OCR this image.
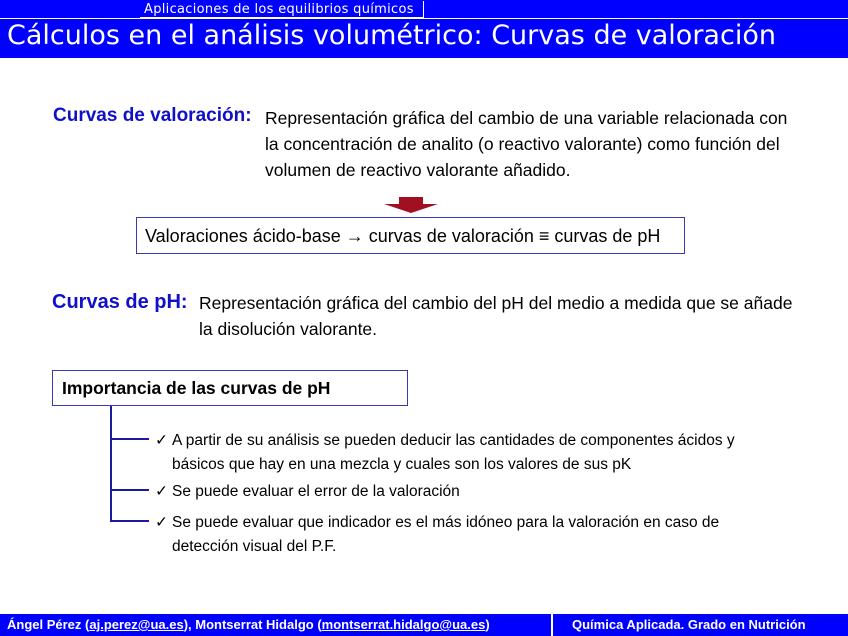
Aplicaciones de los equilibrios químicos
Cálculos en el análisis volumétrico: Curvas de valoración
Curvas de valoración: Representación gráfica del cambio de una variable relacionada con
la concentración de analito (o reactivo valorante) como función del
volumen de reactivo valorante añadido.
Valoraciones ácido-base → curvas de valoración ≡ curvas de pH
Curvas de pH: Representación gráfica del cambio del pH del medio a medida que se añade
la disolución valorante.
Importancia de las curvas de pH
✓ A partir de su análisis se pueden deducir las cantidades de componentes ácidos y
básicos que hay en una mezcla y cuales son los valores de sus pK
✓ Se puede evaluar el error de la valoración
✓ Se puede evaluar que indicador es el más idóneo para la valoración en caso de
detección visual del P.F.
Ángel Pérez (aj.perez@ua.es), Montserrat Hidalgo (montserrat.hidalgo@ua.es)	Química Aplicada. Grado en Nutrición
